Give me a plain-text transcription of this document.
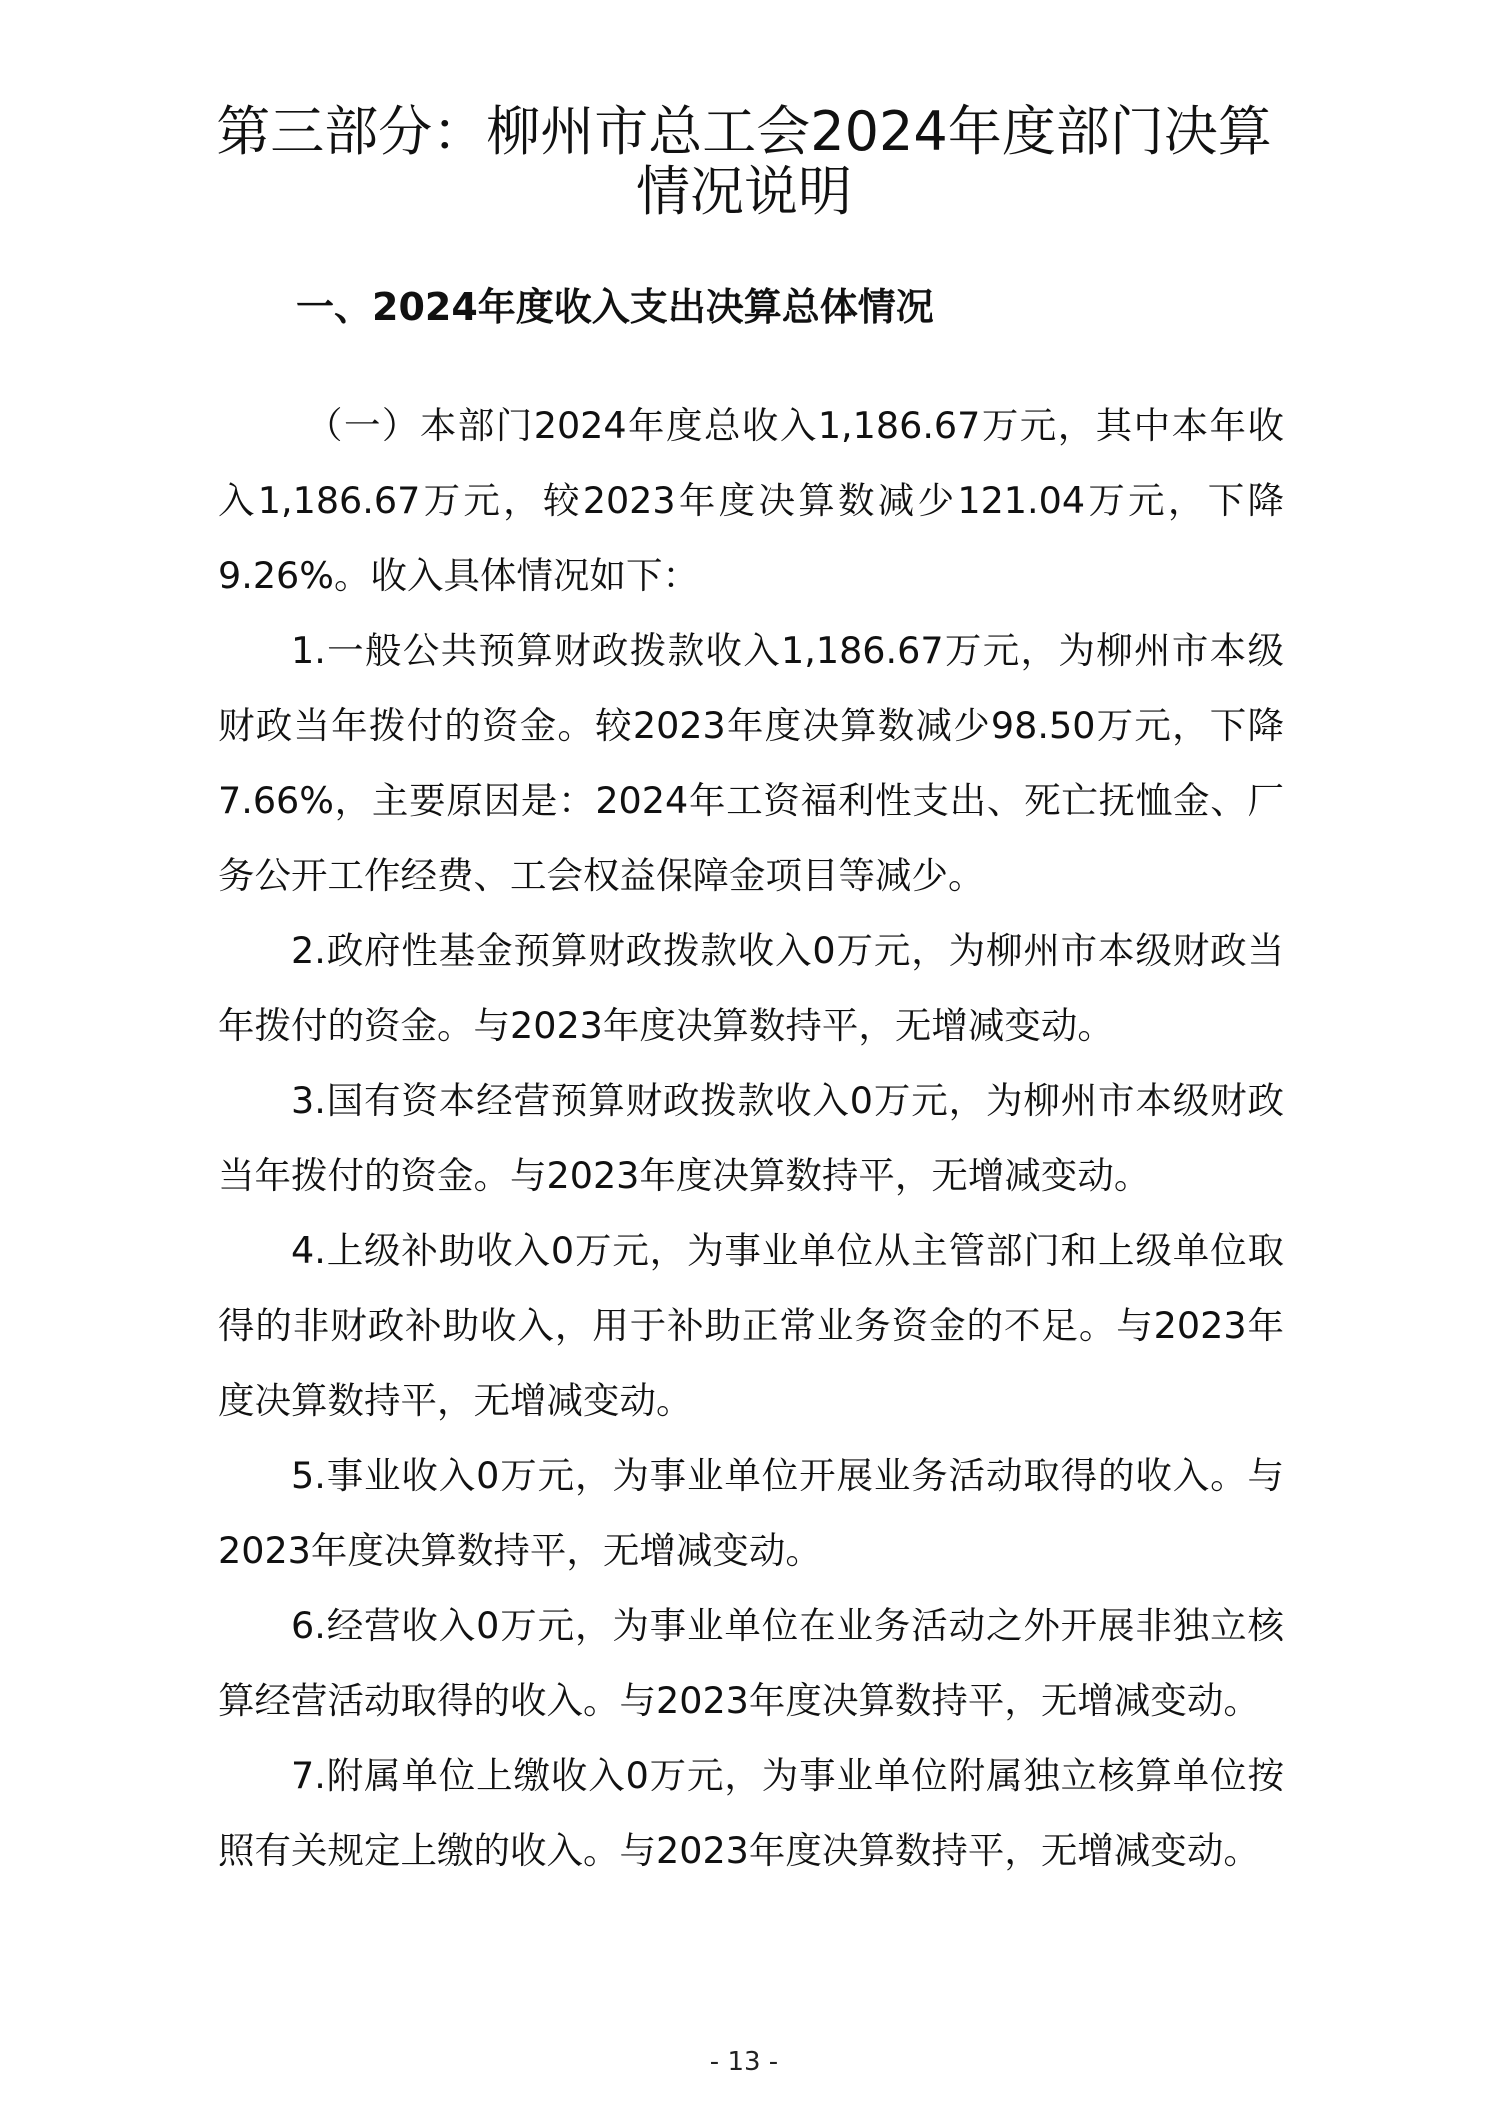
第三部分：柳州市总工会2024年度部门决算情况说明
一、2024年度收入支出决算总体情况

（一）本部门2024年度总收入1,186.67万元，其中本年收入1,186.67万元，较2023年度决算数减少121.04万元，下降9.26%。收入具体情况如下：

1.一般公共预算财政拨款收入1,186.67万元，为柳州市本级财政当年拨付的资金。较2023年度决算数减少98.50万元，下降7.66%，主要原因是：2024年工资福利性支出、死亡抚恤金、厂务公开工作经费、工会权益保障金项目等减少。

2.政府性基金预算财政拨款收入0万元，为柳州市本级财政当年拨付的资金。与2023年度决算数持平，无增减变动。

3.国有资本经营预算财政拨款收入0万元，为柳州市本级财政当年拨付的资金。与2023年度决算数持平，无增减变动。

4.上级补助收入0万元，为事业单位从主管部门和上级单位取得的非财政补助收入，用于补助正常业务资金的不足。与2023年度决算数持平，无增减变动。

5.事业收入0万元，为事业单位开展业务活动取得的收入。与2023年度决算数持平，无增减变动。

6.经营收入0万元，为事业单位在业务活动之外开展非独立核算经营活动取得的收入。与2023年度决算数持平，无增减变动。

7.附属单位上缴收入0万元，为事业单位附属独立核算单位按照有关规定上缴的收入。与2023年度决算数持平，无增减变动。

- 13 -
